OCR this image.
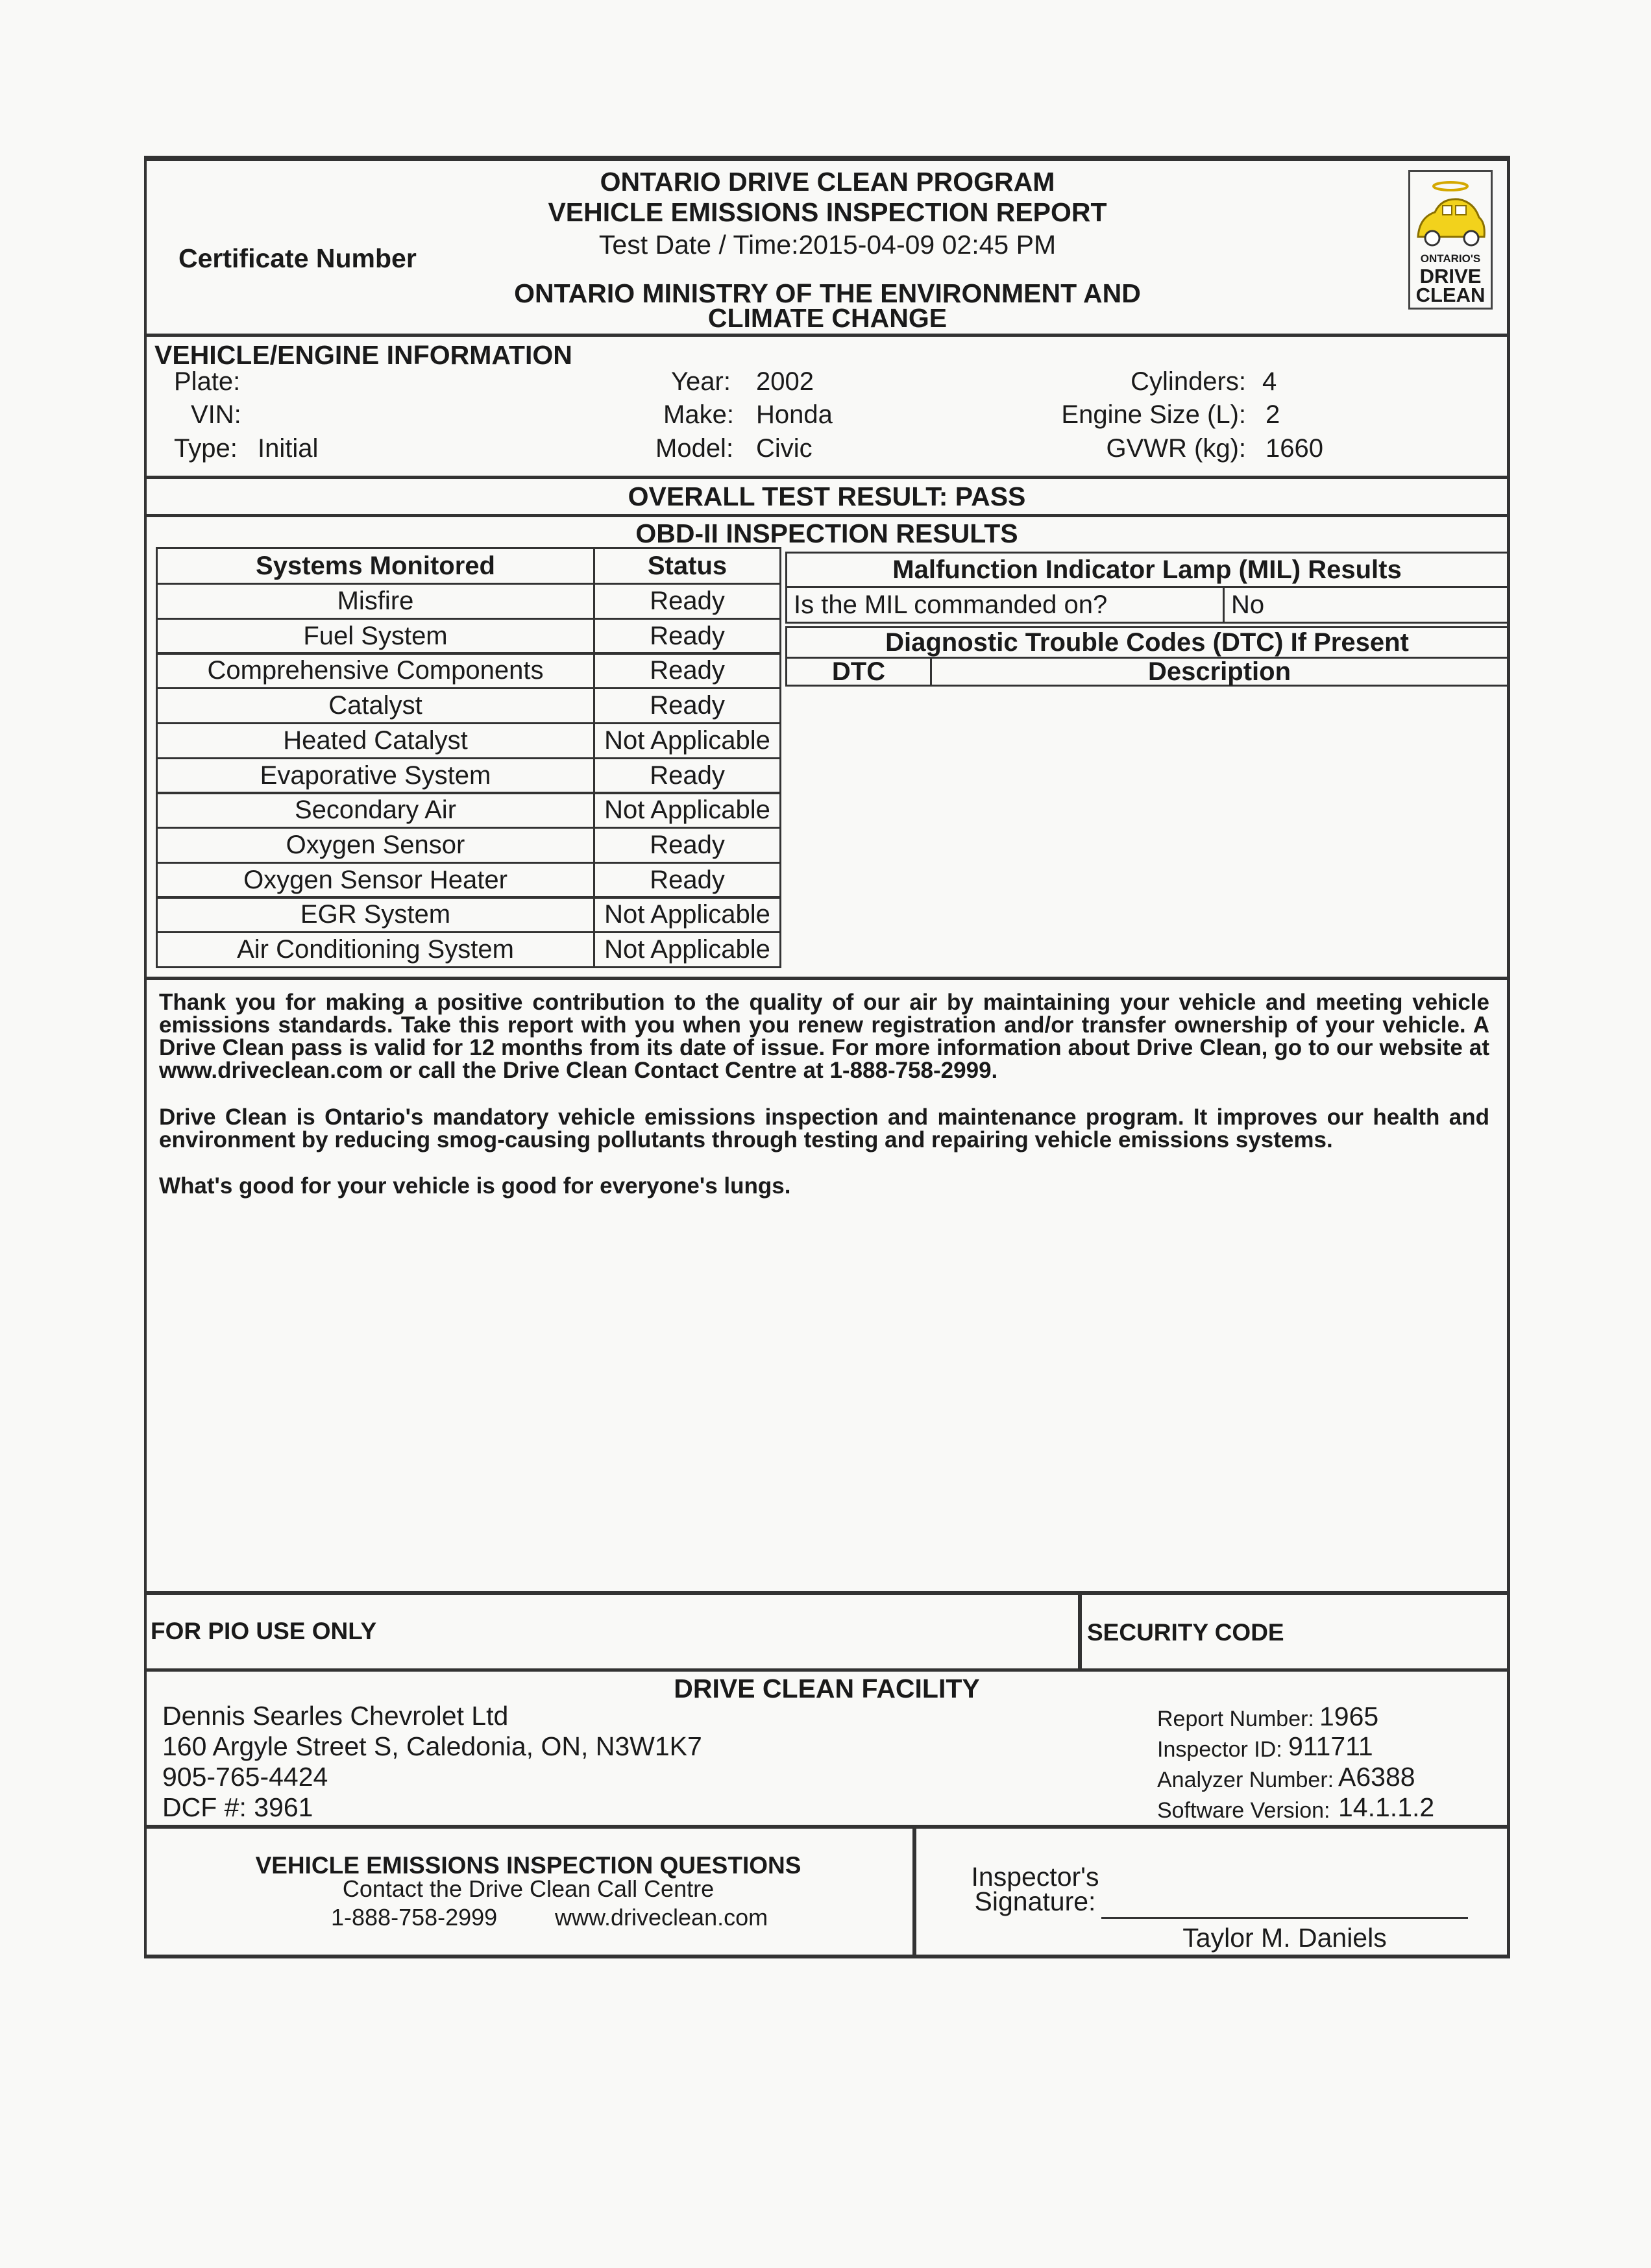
Certificate Number
ONTARIO DRIVE CLEAN PROGRAM
VEHICLE EMISSIONS INSPECTION REPORT
Test Date / Time:2015-04-09 02:45 PM
ONTARIO MINISTRY OF THE ENVIRONMENT AND
CLIMATE CHANGE
ONTARIO'S
DRIVE
CLEAN
VEHICLE/ENGINE INFORMATION
Plate:
VIN:
Type: Initial
Year: 2002
Make: Honda
Model: Civic
Cylinders: 4
Engine Size (L): 2
GVWR (kg): 1660
OVERALL TEST RESULT: PASS
OBD-II INSPECTION RESULTS
Systems Monitored	Status
Misfire	Ready
Fuel System	Ready
Comprehensive Components	Ready
Catalyst	Ready
Heated Catalyst	Not Applicable
Evaporative System	Ready
Secondary Air	Not Applicable
Oxygen Sensor	Ready
Oxygen Sensor Heater	Ready
EGR System	Not Applicable
Air Conditioning System	Not Applicable
Malfunction Indicator Lamp (MIL) Results
Is the MIL commanded on?	No
Diagnostic Trouble Codes (DTC) If Present
DTC	Description
Thank you for making a positive contribution to the quality of our air by maintaining your vehicle and meeting vehicle emissions standards. Take this report with you when you renew registration and/or transfer ownership of your vehicle. A Drive Clean pass is valid for 12 months from its date of issue. For more information about Drive Clean, go to our website at www.driveclean.com or call the Drive Clean Contact Centre at 1-888-758-2999.
Drive Clean is Ontario's mandatory vehicle emissions inspection and maintenance program. It improves our health and environment by reducing smog-causing pollutants through testing and repairing vehicle emissions systems.
What's good for your vehicle is good for everyone's lungs.
FOR PIO USE ONLY	SECURITY CODE
DRIVE CLEAN FACILITY
Dennis Searles Chevrolet Ltd
160 Argyle Street S, Caledonia, ON, N3W1K7
905-765-4424
DCF #: 3961
Report Number: 1965
Inspector ID: 911711
Analyzer Number: A6388
Software Version: 14.1.1.2
VEHICLE EMISSIONS INSPECTION QUESTIONS
Contact the Drive Clean Call Centre
1-888-758-2999 www.driveclean.com
Inspector's
Signature:
Taylor M. Daniels
